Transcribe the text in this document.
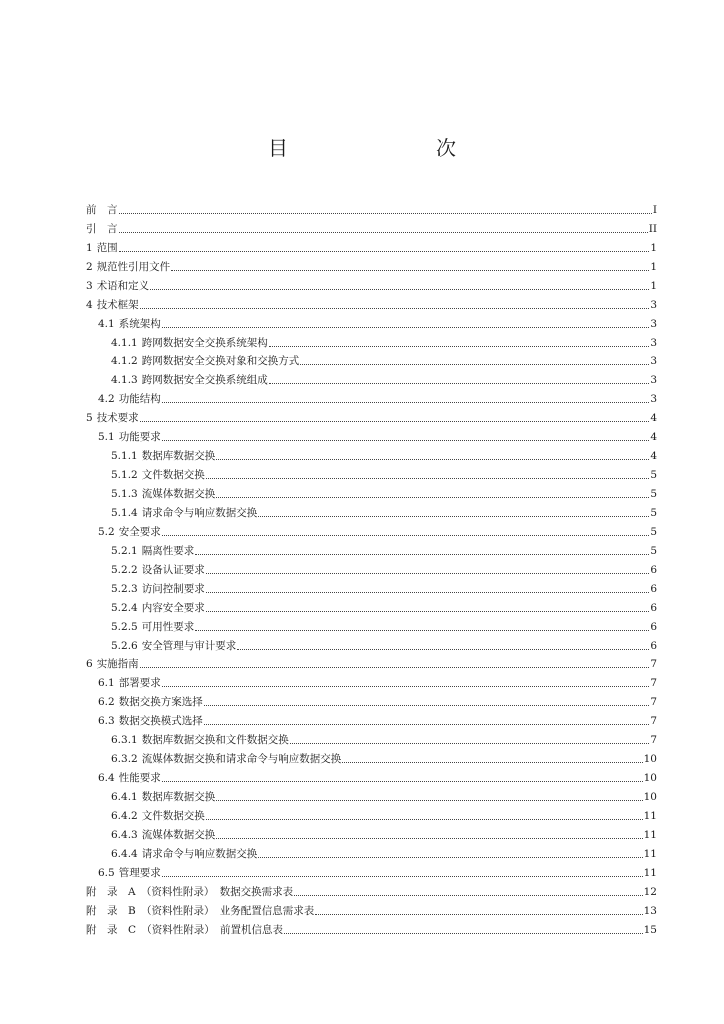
目　　次
前　言	I
引　言	II
1 范围	1
2 规范性引用文件	1
3 术语和定义	1
4 技术框架	3
4.1 系统架构	3
4.1.1 跨网数据安全交换系统架构	3
4.1.2 跨网数据安全交换对象和交换方式	3
4.1.3 跨网数据安全交换系统组成	3
4.2 功能结构	3
5 技术要求	4
5.1 功能要求	4
5.1.1 数据库数据交换	4
5.1.2 文件数据交换	5
5.1.3 流媒体数据交换	5
5.1.4 请求命令与响应数据交换	5
5.2 安全要求	5
5.2.1 隔离性要求	5
5.2.2 设备认证要求	6
5.2.3 访问控制要求	6
5.2.4 内容安全要求	6
5.2.5 可用性要求	6
5.2.6 安全管理与审计要求	6
6 实施指南	7
6.1 部署要求	7
6.2 数据交换方案选择	7
6.3 数据交换模式选择	7
6.3.1 数据库数据交换和文件数据交换	7
6.3.2 流媒体数据交换和请求命令与响应数据交换	10
6.4 性能要求	10
6.4.1 数据库数据交换	10
6.4.2 文件数据交换	11
6.4.3 流媒体数据交换	11
6.4.4 请求命令与响应数据交换	11
6.5 管理要求	11
附　录　A　（资料性附录）　数据交换需求表	12
附　录　B　（资料性附录）　业务配置信息需求表	13
附　录　C　（资料性附录）　前置机信息表	15
